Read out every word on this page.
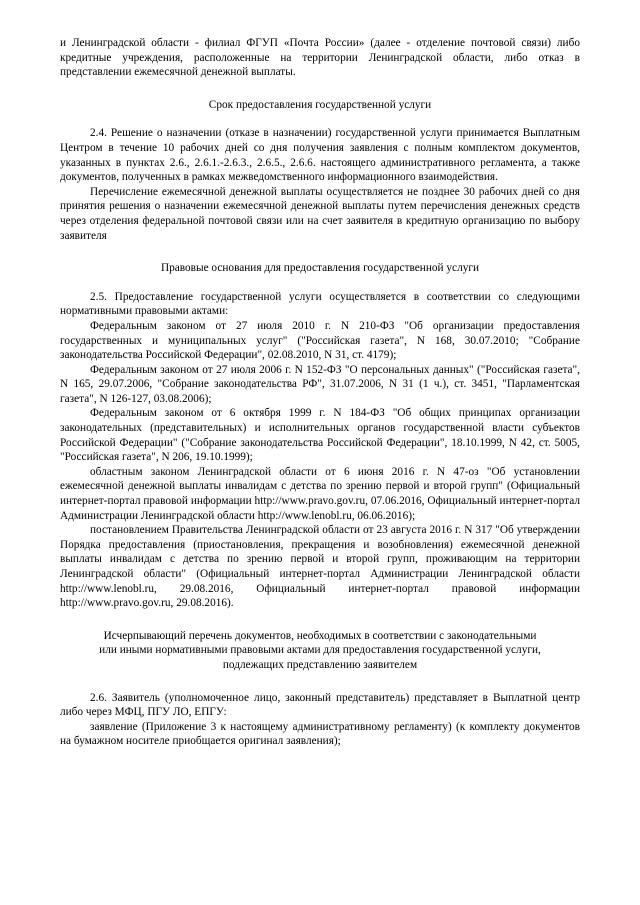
и Ленинградской области - филиал ФГУП «Почта России» (далее - отделение почтовой связи) либо кредитные учреждения, расположенные на территории Ленинградской области, либо отказ в представлении ежемесячной денежной выплаты.

Срок предоставления государственной услуги

2.4. Решение о назначении (отказе в назначении) государственной услуги принимается Выплатным Центром в течение 10 рабочих дней со дня получения заявления с полным комплектом документов, указанных в пунктах 2.6., 2.6.1.-2.6.3., 2.6.5., 2.6.6. настоящего административного регламента, а также документов, полученных в рамках межведомственного информационного взаимодействия.

Перечисление ежемесячной денежной выплаты осуществляется не позднее 30 рабочих дней со дня принятия решения о назначении ежемесячной денежной выплаты путем перечисления денежных средств через отделения федеральной почтовой связи или на счет заявителя в кредитную организацию по выбору заявителя

Правовые основания для предоставления государственной услуги

2.5. Предоставление государственной услуги осуществляется в соответствии со следующими нормативными правовыми актами:

Федеральным законом от 27 июля 2010 г. N 210-ФЗ "Об организации предоставления государственных и муниципальных услуг" ("Российская газета", N 168, 30.07.2010; "Собрание законодательства Российской Федерации", 02.08.2010, N 31, ст. 4179);

Федеральным законом от 27 июля 2006 г. N 152-ФЗ "О персональных данных" ("Российская газета", N 165, 29.07.2006, "Собрание законодательства РФ", 31.07.2006, N 31 (1 ч.), ст. 3451, "Парламентская газета", N 126-127, 03.08.2006);

Федеральным законом от 6 октября 1999 г. N 184-ФЗ "Об общих принципах организации законодательных (представительных) и исполнительных органов государственной власти субъектов Российской Федерации" ("Собрание законодательства Российской Федерации", 18.10.1999, N 42, ст. 5005, "Российская газета", N 206, 19.10.1999);

областным законом Ленинградской области от 6 июня 2016 г. N 47-оз "Об установлении ежемесячной денежной выплаты инвалидам с детства по зрению первой и второй групп" (Официальный интернет-портал правовой информации http://www.pravo.gov.ru, 07.06.2016, Официальный интернет-портал Администрации Ленинградской области http://www.lenobl.ru, 06.06.2016);

постановлением Правительства Ленинградской области от 23 августа 2016 г. N 317 "Об утверждении Порядка предоставления (приостановления, прекращения и возобновления) ежемесячной денежной выплаты инвалидам с детства по зрению первой и второй групп, проживающим на территории Ленинградской области" (Официальный интернет-портал Администрации Ленинградской области http://www.lenobl.ru, 29.08.2016, Официальный интернет-портал правовой информации http://www.pravo.gov.ru, 29.08.2016).

Исчерпывающий перечень документов, необходимых в соответствии с законодательными

или иными нормативными правовыми актами для предоставления государственной услуги,

подлежащих представлению заявителем

2.6. Заявитель (уполномоченное лицо, законный представитель) представляет в Выплатной центр либо через МФЦ, ПГУ ЛО, ЕПГУ:

заявление (Приложение 3 к настоящему административному регламенту) (к комплекту документов на бумажном носителе приобщается оригинал заявления);
